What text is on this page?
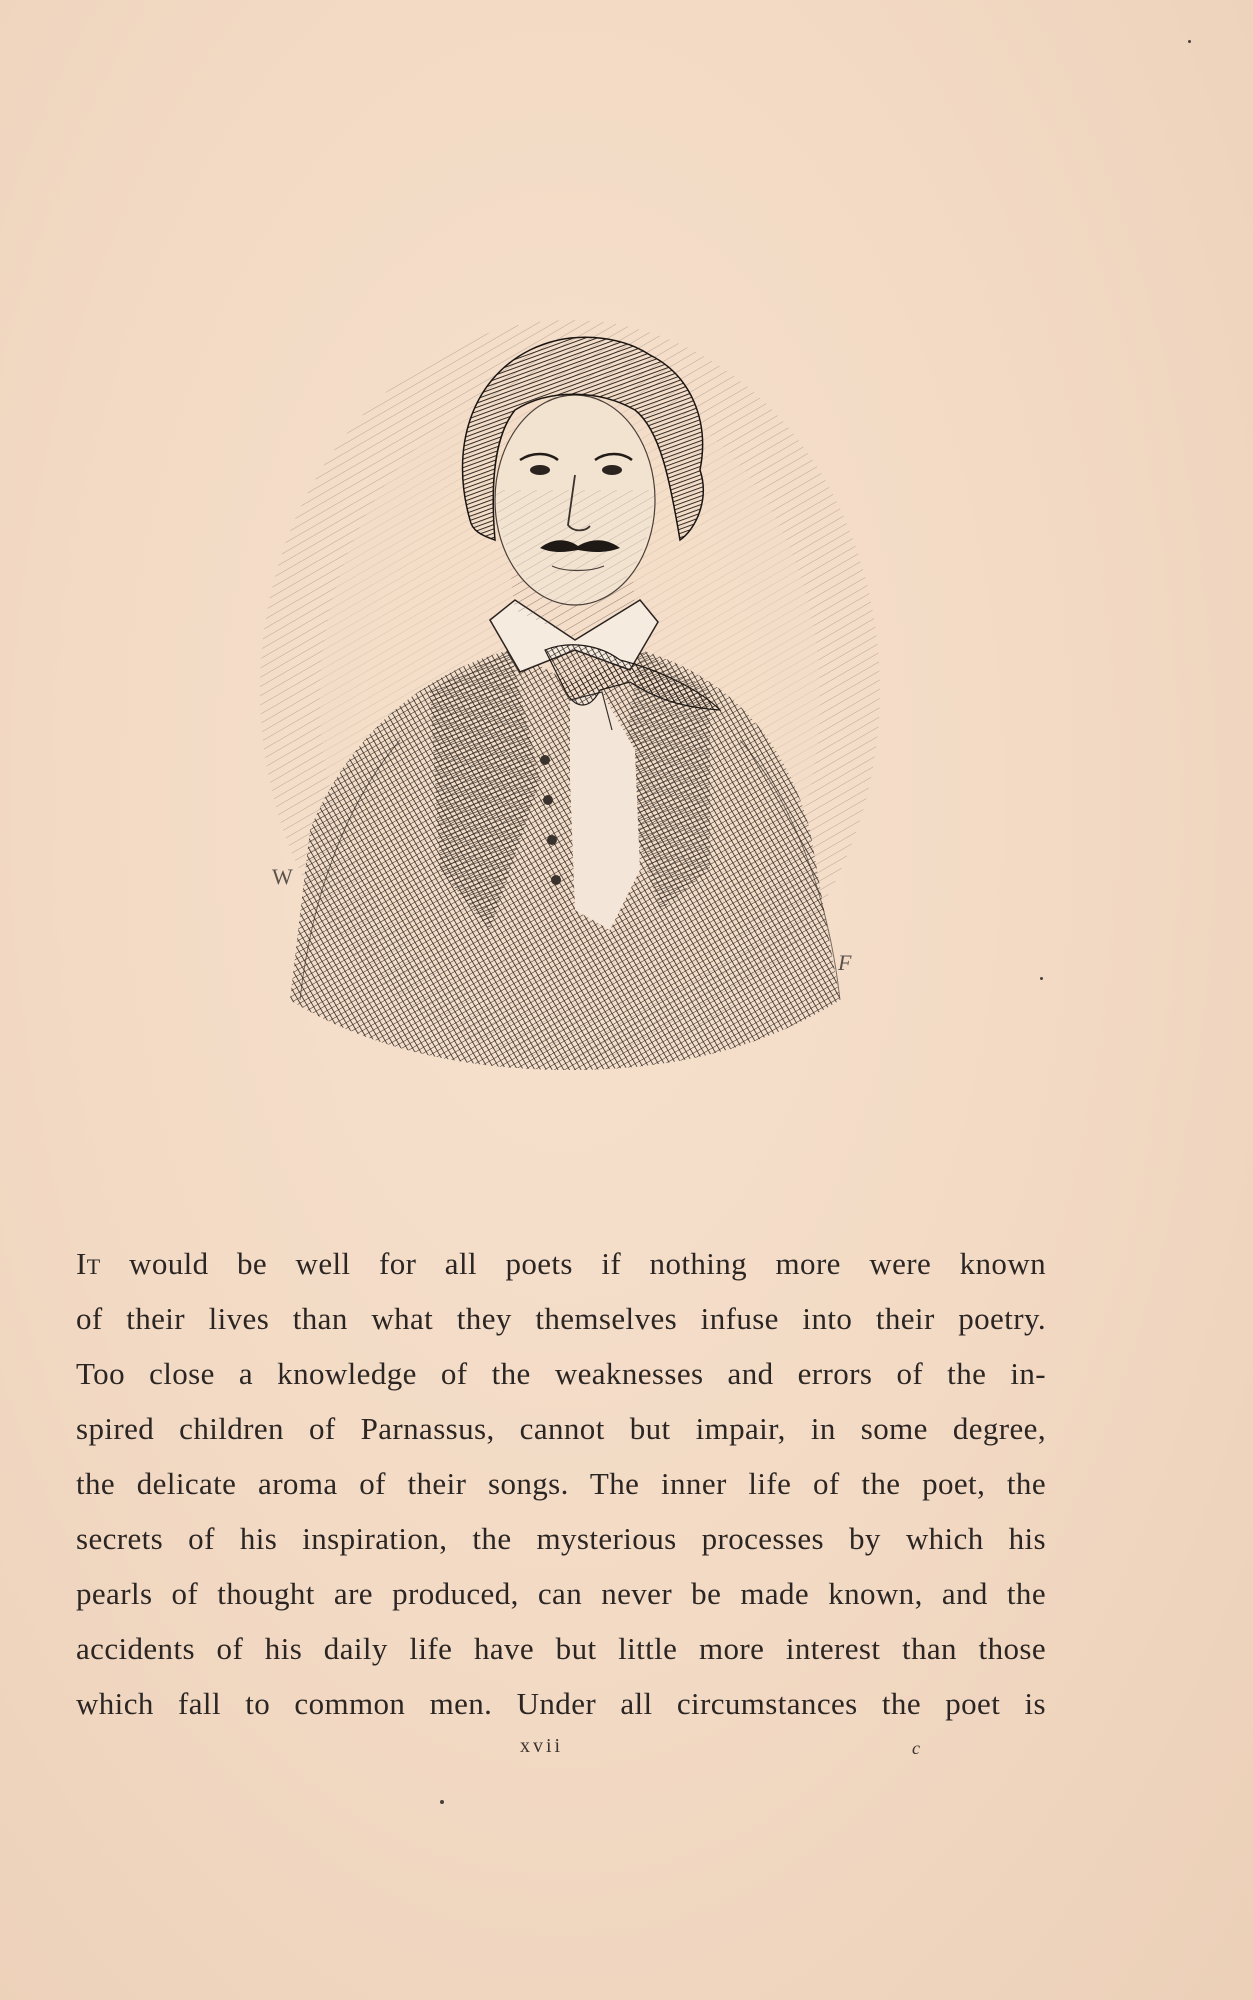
W
F
It would be well for all poets if nothing more were known
of their lives than what they themselves infuse into their poetry.
Too close a knowledge of the weaknesses and errors of the in-
spired children of Parnassus, cannot but impair, in some degree,
the delicate aroma of their songs. The inner life of the poet, the
secrets of his inspiration, the mysterious processes by which his
pearls of thought are produced, can never be made known, and the
accidents of his daily life have but little more interest than those
which fall to common men. Under all circumstances the poet is
xvii	c
